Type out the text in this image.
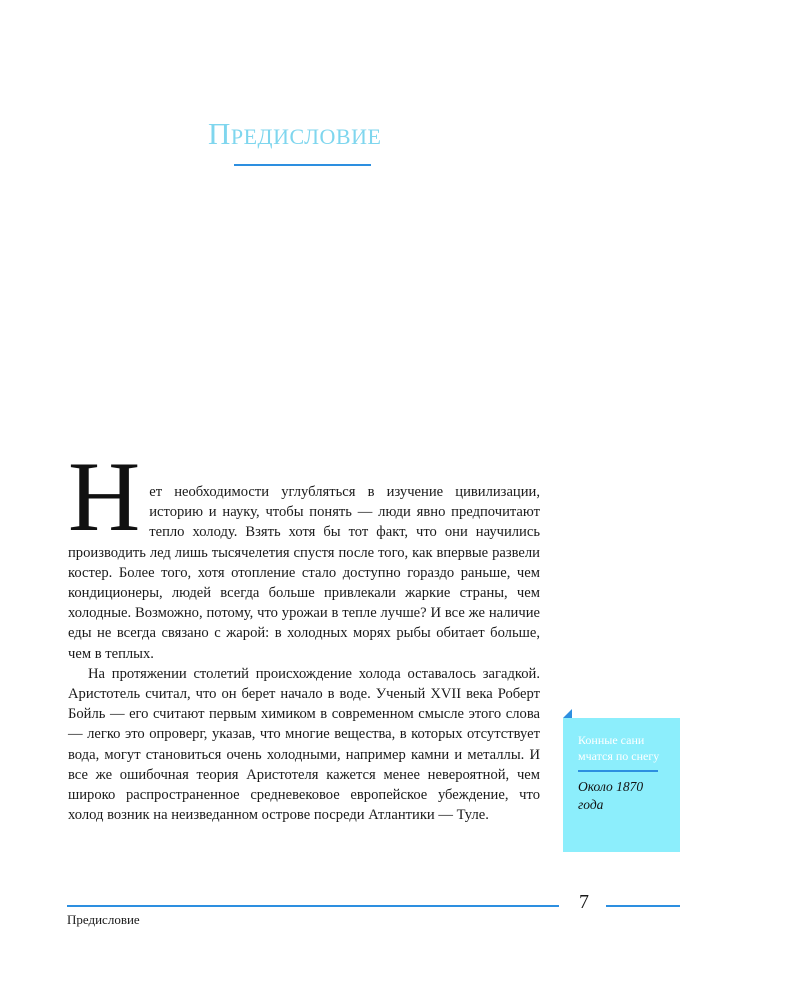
Предисловие

Нет необходимости углубляться в изучение цивилизации, историю и науку, чтобы понять — люди явно предпочитают тепло холоду. Взять хотя бы тот факт, что они научились производить лед лишь тысячелетия спустя после того, как впервые развели костер. Более того, хотя отопление стало доступно гораздо раньше, чем кондиционеры, людей всегда больше привлекали жаркие страны, чем холодные. Возможно, потому, что урожаи в тепле лучше? И все же наличие еды не всегда связано с жарой: в холодных морях рыбы обитает больше, чем в теплых.

На протяжении столетий происхождение холода оставалось загадкой. Аристотель считал, что он берет начало в воде. Ученый XVII века Роберт Бойль — его считают первым химиком в современном смысле этого слова — легко это опроверг, указав, что многие вещества, в которых отсутствует вода, могут становиться очень холодными, например камни и металлы. И все же ошибочная теория Аристотеля кажется менее невероятной, чем широко распространенное средневековое европейское убеждение, что холод возник на неизведанном острове посреди Атлантики — Туле.

Конные сани мчатся по снегу
Около 1870 года
7
Предисловие
